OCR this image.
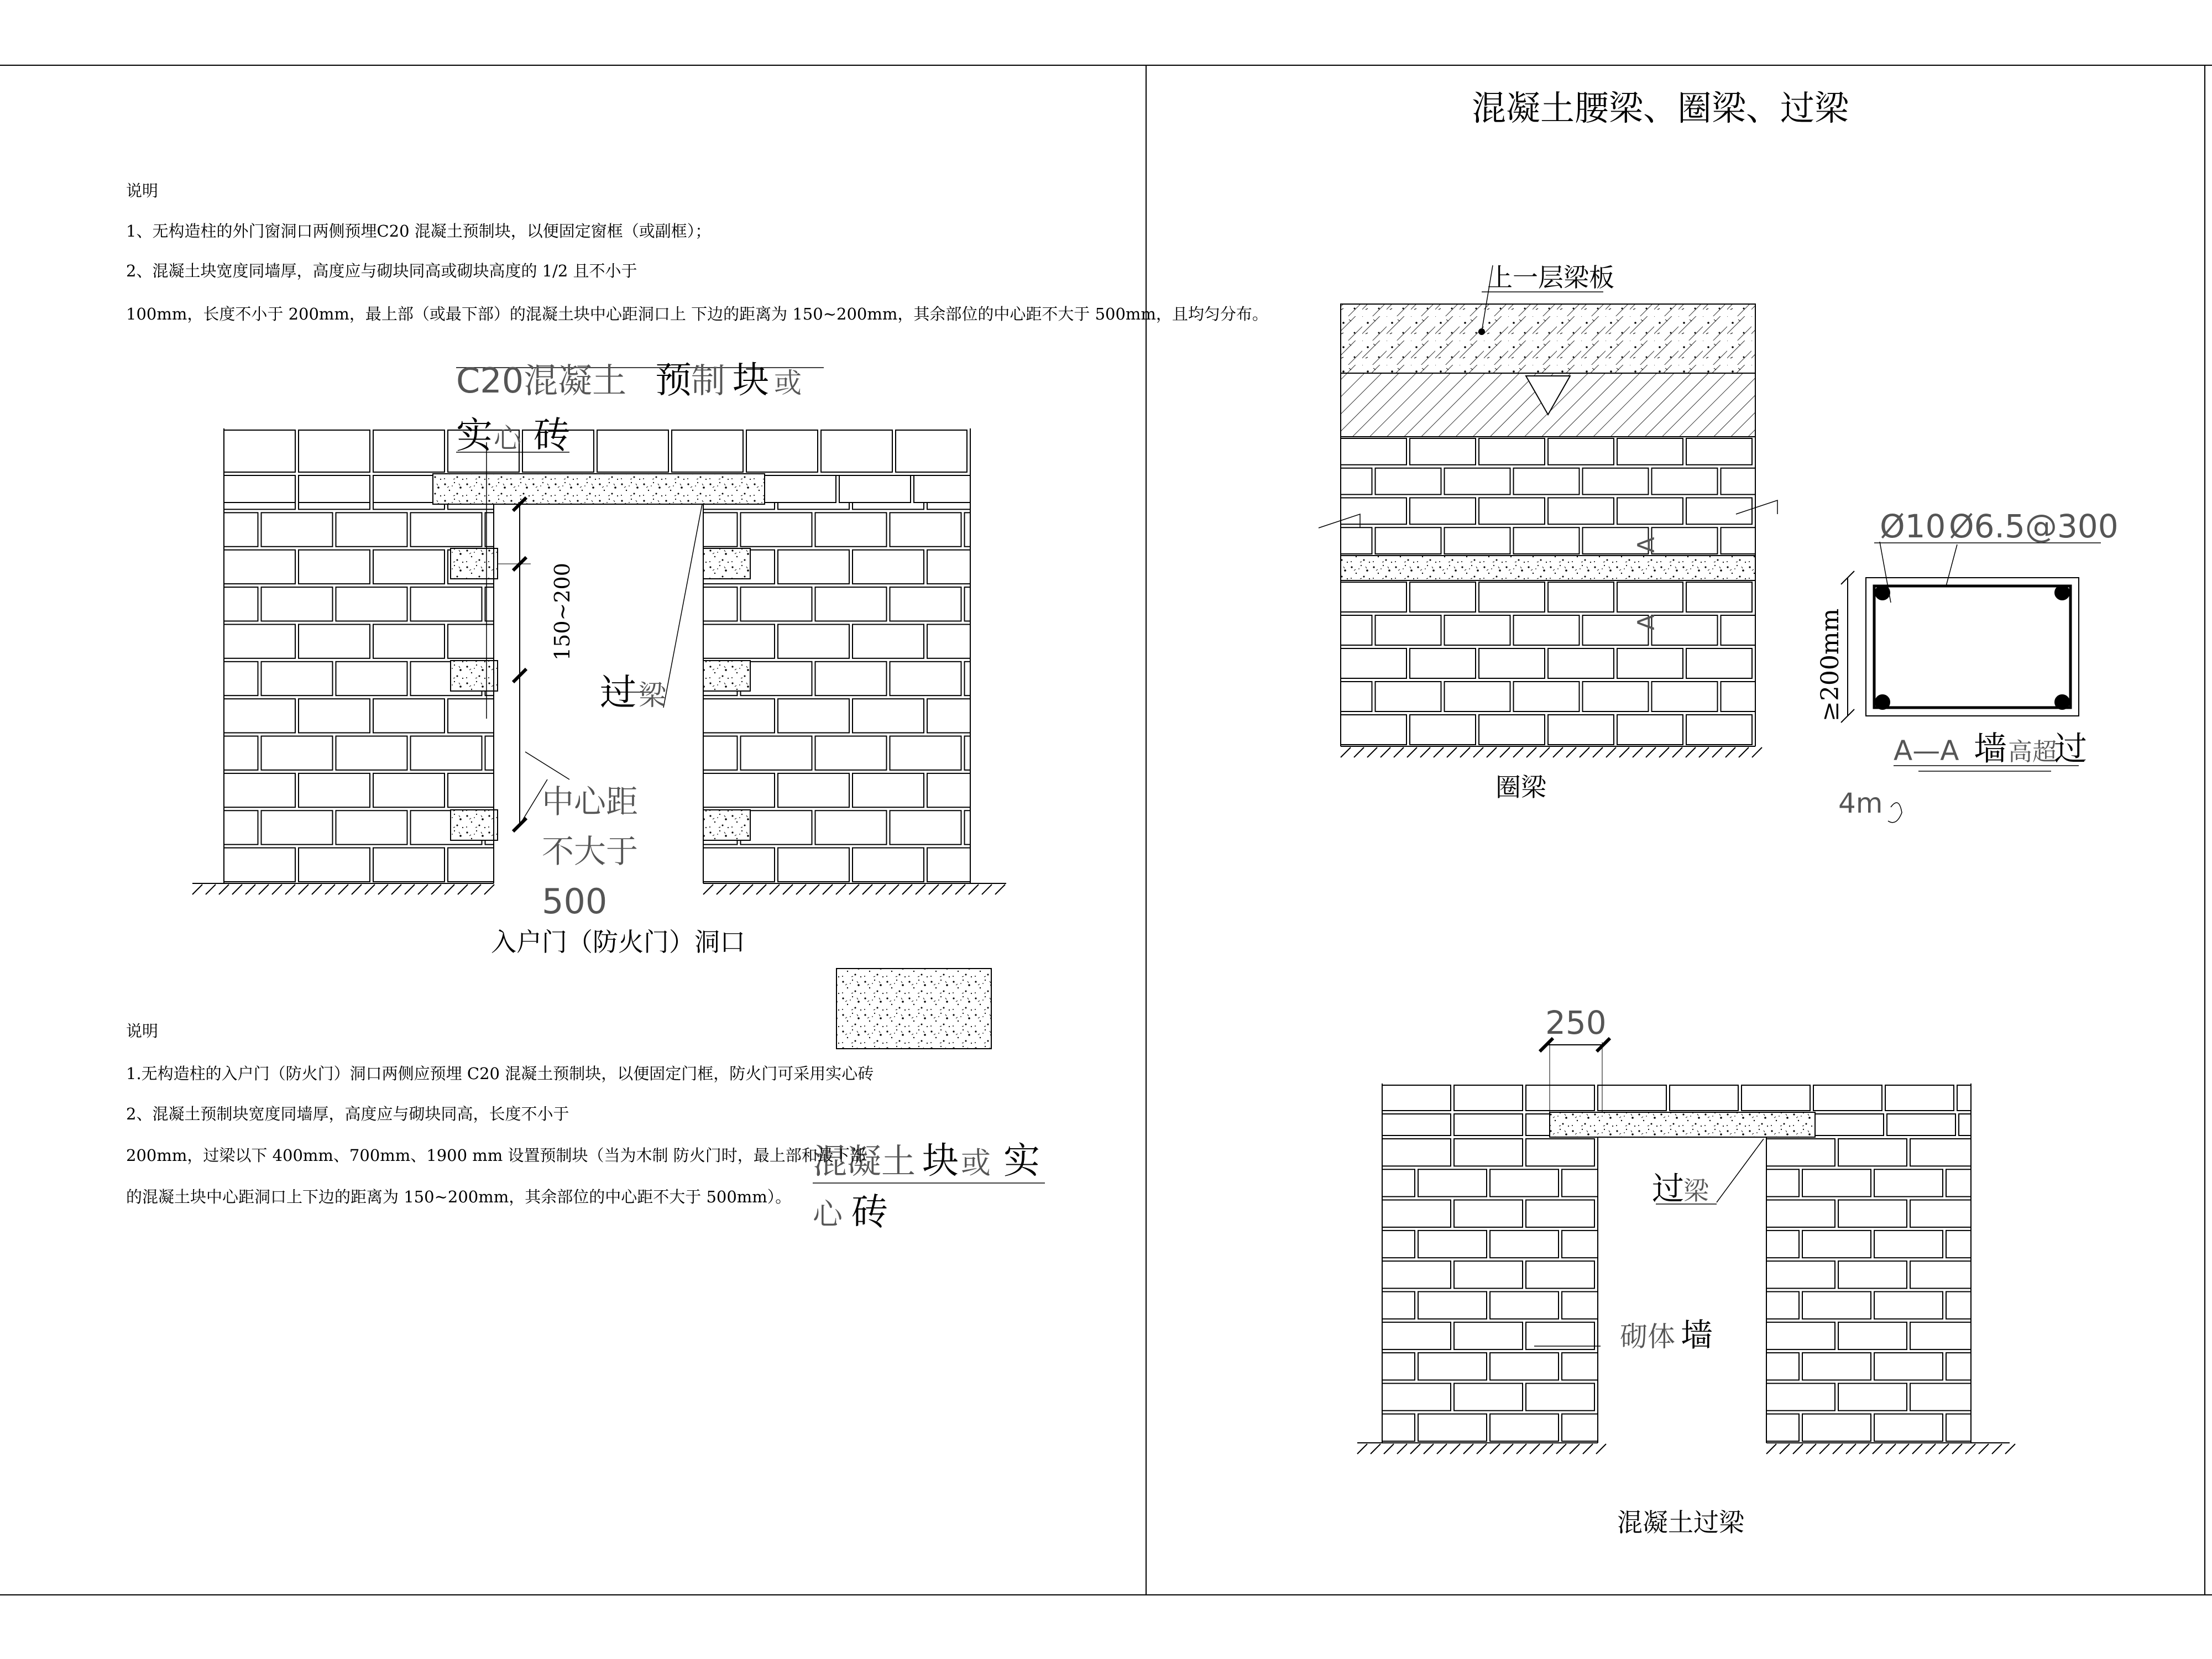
说明
1、无构造柱的外门窗洞口两侧预埋C20 混凝土预制块，以便固定窗框（或副框）；
2、混凝土块宽度同墙厚，高度应与砌块同高或砌块高度的 1/2 且不小于
100mm，长度不小于 200mm，最上部（或最下部）的混凝土块中心距洞口上 下边的距离为 150~200mm，其余部位的中心距不大于 500mm，且均匀分布。
C20混凝土 预 制 块 或
实 心 砖
150~200
过 梁
中心距
不大于
500
入户门（防火门）洞口
混凝土 块 或 实
心 砖
说明
1.无构造柱的入户门（防火门）洞口两侧应预埋 C20 混凝土预制块，以便固定门框，防火门可采用实心砖
2、混凝土预制块宽度同墙厚，高度应与砌块同高，长度不小于
200mm，过梁以下 400mm、700mm、1900 mm 设置预制块（当为木制 防火门时，最上部和最下部
的混凝土块中心距洞口上下边的距离为 150~200mm，其余部位的中心距不大于 500mm）。
混凝土腰梁、圈梁、过梁
上一层梁板
A
A
圈梁
Ø10 Ø6.5@300
≥200mm
A—A 墙 高超
过
4m
250
过
梁
砌体 墙
混凝土过梁
